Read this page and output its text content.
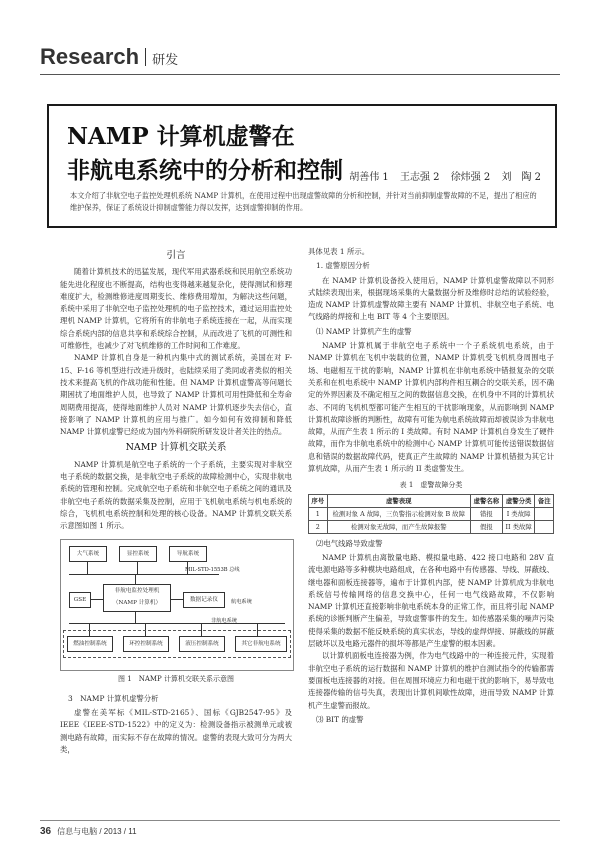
Research 研发
NAMP 计算机虚警在
非航电系统中的分析和控制 胡善伟 1 王志强 2 徐炜强 2 刘　陶 2
本文介绍了非航空电子监控处理机系统 NAMP 计算机，在使用过程中出现虚警故障的分析和控制，并针对当前抑制虚警故障的不足，提出了相应的维护保养，保证了系统设计抑制虚警能力得以发挥，达到虚警抑制的作用。
引言

随着计算机技术的迅猛发展，现代军用武器系统和民用航空系统功能先进化程度也不断提高，结构也变得越来越复杂化，使得测试和修理难度扩大，检测维修进度周期变长、维修费用增加，为解决这些问题，系统中采用了非航空电子监控处理机的电子监控技术，通过运用监控处理机 NAMP 计算机，它将所有的非航电子系统连接在一起，从而实现综合系统内部的信息共享和系统综合控制，从而改进了飞机的可测性和可维修性，也减少了对飞机维修的工作时间和工作难度。

NAMP 计算机自身是一种机内集中式的测试系统，美国在对 F-15、F-16 等机型进行改进升级时，也陆续采用了类同或者类似的相关技术来提高飞机的作战功能和性能。但 NAMP 计算机虚警高等问题长期困扰了地面维护人员，也导致了 NAMP 计算机可用性降低和全寿命周期费用提高，使得地面维护人员对 NAMP 计算机逐步失去信心，直接影响了 NAMP 计算机的应用与推广。如今如何有效抑制和降低 NAMP 计算机虚警已经成为国内外科研院所研发设计者关注的热点。

NAMP 计算机交联关系

NAMP 计算机是航空电子系统的一个子系统，主要实现对非航空电子系统的数据交换，是非航空电子系统的故障检测中心，实现非航电系统的管理和控制。完成航空电子系统和非航空电子系统之间的通讯及非航空电子系统的数据采集及控制，应用于飞机航电系统与机电系统的综合，飞机机电系统控制和处理的核心设备。NAMP 计算机交联关系示意图如图 1 所示。

大气系统	显控系统	导航系统
MIL-STD-1553B 总线
GSE
非航电监控处理机（NAMP 计算机）	数据记录仪	航电系统
非航电系统
燃油控制系统	环控控制系统	液压控制系统	其它非航电系统
图 1　NAMP 计算机交联关系示意图
3　NAMP 计算机虚警分析

虚警在美军标《MIL-STD-2165》、国标《GJB2547-95》及 IEEE《IEEE-STD-1522》中的定义为：检测设备指示被测单元或被测电路有故障，而实际不存在故障的情况。虚警的表现大致可分为两大类，

具体见表 1 所示。

1. 虚警原因分析

在 NAMP 计算机设备投入使用后，NAMP 计算机虚警故障以不同形式陆续表现出来，根据现场采集的大量数据分析及维修时总结的试验经验，造成 NAMP 计算机虚警故障主要有 NAMP 计算机、非航空电子系统、电气线路的焊接和上电 BIT 等 4 个主要原因。

⑴ NAMP 计算机产生的虚警

NAMP 计算机属于非航空电子系统中一个子系统机电系统，由于 NAMP 计算机在飞机中装载的位置，NAMP 计算机受飞机机身周围电子场、电磁相互干扰的影响，NAMP 计算机在非航电系统中错报复杂的交联关系和在机电系统中 NAMP 计算机内部构件相互耦合的交联关系，因不确定的外界因素及不确定相互之间的数据信息交换，在机身中不同的计算机状态、不同的飞机机型都可能产生相互的干扰影响现象，从而影响到 NAMP 计算机故障诊断的判断性，故障有可能为航电系统故障而却被误诊为非航电故障，从而产生表 1 所示的 I 类故障。有时 NAMP 计算机自身发生了硬件故障，而作为非航电系统中的检测中心 NAMP 计算机可能传送错误数据信息和错误的数据故障代码，使真正产生故障的 NAMP 计算机错报为其它计算机故障，从而产生表 1 所示的 II 类虚警发生。

表 1　虚警故障分类
序号	虚警表现	虚警名称	虚警分类	备注
1	检测对象 A 故障，三负警指示检测对象 B 故障	错报	I 类故障	
2	检测对象无故障，而产生故障报警	假报	II 类故障	
⑵电气线路导致虚警

NAMP 计算机由离散量电路、模拟量电路、422 接口电路和 28V 直流电源电路等多种模块电路组成，在各种电路中有传感器、导线、屏蔽线、继电器和面板连接器等，遍布于计算机内部，使 NAMP 计算机成为非航电系统信号传输网络的信息交换中心，任何一电气线路故障，不仅影响 NAMP 计算机还直接影响非航电系统本身的正常工作，而且将引起 NAMP 系统的诊断判断产生偏差，导致虚警事件的发生。如传感器采集的噪声污染使得采集的数据不能反映系统的真实状态，导线的虚焊焊接、屏蔽线的屏蔽层破坏以及电路元器件的损坏等都是产生虚警的根本因素。

以计算机面板电连接器为例，作为电气线路中的一种连接元件，实现着非航空电子系统的运行数据和 NAMP 计算机的维护自测试指令的传输都需要面板电连接器的对接。但在周围环境应力和电磁干扰的影响下，易导致电连接器传输的信号失真，表现出计算机间歇性故障，进而导致 NAMP 计算机产生虚警而报故。

⑶ BIT 的虚警
36 信息与电脑 / 2013 / 11
